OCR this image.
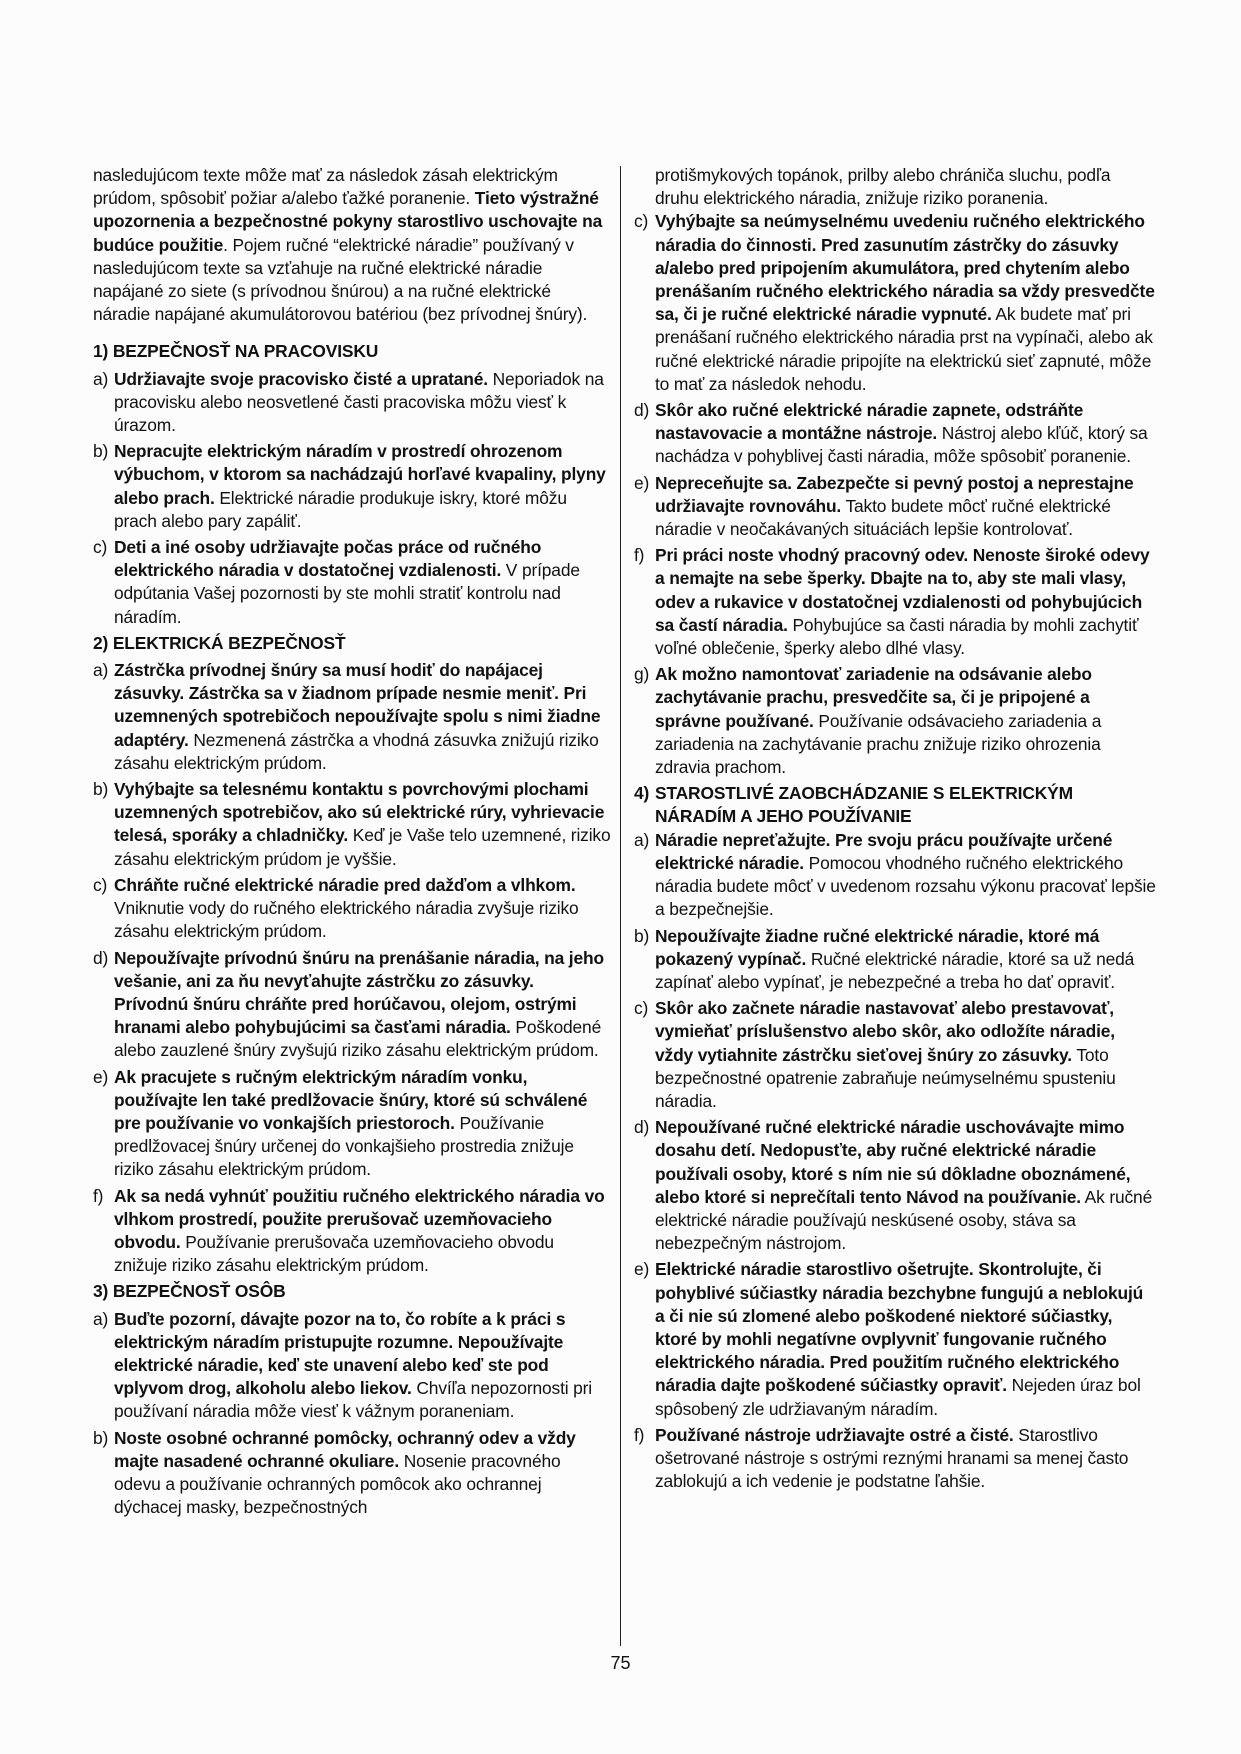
nasledujúcom texte môže mať za následok zásah elektrickým prúdom, spôsobiť požiar a/alebo ťažké poranenie. Tieto výstražné upozornenia a bezpečnostné pokyny starostlivo uschovajte na budúce použitie. Pojem ručné “elektrické náradie” používaný v nasledujúcom texte sa vzťahuje na ručné elektrické náradie napájané zo siete (s prívodnou šnúrou) a na ručné elektrické náradie napájané akumulátorovou batériou (bez prívodnej šnúry).

1) BEZPEČNOSŤ NA PRACOVISKU
a) Udržiavajte svoje pracovisko čisté a upratané. Neporiadok na pracovisku alebo neosvetlené časti pracoviska môžu viesť k úrazom.
b) Nepracujte elektrickým náradím v prostredí ohrozenom výbuchom, v ktorom sa nachádzajú horľavé kvapaliny, plyny alebo prach. Elektrické náradie produkuje iskry, ktoré môžu prach alebo pary zapáliť.
c) Deti a iné osoby udržiavajte počas práce od ručného elektrického náradia v dostatočnej vzdialenosti. V prípade odpútania Vašej pozornosti by ste mohli stratiť kontrolu nad náradím.
2) ELEKTRICKÁ BEZPEČNOSŤ
a) Zástrčka prívodnej šnúry sa musí hodiť do napájacej zásuvky. Zástrčka sa v žiadnom prípade nesmie meniť. Pri uzemnených spotrebičoch nepoužívajte spolu s nimi žiadne adaptéry. Nezmenená zástrčka a vhodná zásuvka znižujú riziko zásahu elektrickým prúdom.
b) Vyhýbajte sa telesnému kontaktu s povrchovými plochami uzemnených spotrebičov, ako sú elektrické rúry, vyhrievacie telesá, sporáky a chladničky. Keď je Vaše telo uzemnené, riziko zásahu elektrickým prúdom je vyššie.
c) Chráňte ručné elektrické náradie pred dažďom a vlhkom. Vniknutie vody do ručného elektrického náradia zvyšuje riziko zásahu elektrickým prúdom.
d) Nepoužívajte prívodnú šnúru na prenášanie náradia, na jeho vešanie, ani za ňu nevyťahujte zástrčku zo zásuvky. Prívodnú šnúru chráňte pred horúčavou, olejom, ostrými hranami alebo pohybujúcimi sa časťami náradia. Poškodené alebo zauzlené šnúry zvyšujú riziko zásahu elektrickým prúdom.
e) Ak pracujete s ručným elektrickým náradím vonku, používajte len také predlžovacie šnúry, ktoré sú schválené pre používanie vo vonkajších priestoroch. Používanie predlžovacej šnúry určenej do vonkajšieho prostredia znižuje riziko zásahu elektrickým prúdom.
f) Ak sa nedá vyhnúť použitiu ručného elektrického náradia vo vlhkom prostredí, použite prerušovač uzemňovacieho obvodu. Používanie prerušovača uzemňovacieho obvodu znižuje riziko zásahu elektrickým prúdom.
3) BEZPEČNOSŤ OSÔB
a) Buďte pozorní, dávajte pozor na to, čo robíte a k práci s elektrickým náradím pristupujte rozumne. Nepoužívajte elektrické náradie, keď ste unavení alebo keď ste pod vplyvom drog, alkoholu alebo liekov. Chvíľa nepozornosti pri používaní náradia môže viesť k vážnym poraneniam.
b) Noste osobné ochranné pomôcky, ochranný odev a vždy majte nasadené ochranné okuliare. Nosenie pracovného odevu a používanie ochranných pomôcok ako ochrannej dýchacej masky, bezpečnostných

protišmykových topánok, prilby alebo chrániča sluchu, podľa druhu elektrického náradia, znižuje riziko poranenia.

c) Vyhýbajte sa neúmyselnému uvedeniu ručného elektrického náradia do činnosti. Pred zasunutím zástrčky do zásuvky a/alebo pred pripojením akumulátora, pred chytením alebo prenášaním ručného elektrického náradia sa vždy presvedčte sa, či je ručné elektrické náradie vypnuté. Ak budete mať pri prenášaní ručného elektrického náradia prst na vypínači, alebo ak ručné elektrické náradie pripojíte na elektrickú sieť zapnuté, môže to mať za následok nehodu.
d) Skôr ako ručné elektrické náradie zapnete, odstráňte nastavovacie a montážne nástroje. Nástroj alebo kľúč, ktorý sa nachádza v pohyblivej časti náradia, môže spôsobiť poranenie.
e) Nepreceňujte sa. Zabezpečte si pevný postoj a neprestajne udržiavajte rovnováhu. Takto budete môcť ručné elektrické náradie v neočakávaných situáciách lepšie kontrolovať.
f) Pri práci noste vhodný pracovný odev. Nenoste široké odevy a nemajte na sebe šperky. Dbajte na to, aby ste mali vlasy, odev a rukavice v dostatočnej vzdialenosti od pohybujúcich sa častí náradia. Pohybujúce sa časti náradia by mohli zachytiť voľné oblečenie, šperky alebo dlhé vlasy.
g) Ak možno namontovať zariadenie na odsávanie alebo zachytávanie prachu, presvedčite sa, či je pripojené a správne používané. Používanie odsávacieho zariadenia a zariadenia na zachytávanie prachu znižuje riziko ohrozenia zdravia prachom.
4) STAROSTLIVÉ ZAOBCHÁDZANIE S ELEKTRICKÝM NÁRADÍM A JEHO POUŽÍVANIE
a) Náradie nepreťažujte. Pre svoju prácu používajte určené elektrické náradie. Pomocou vhodného ručného elektrického náradia budete môcť v uvedenom rozsahu výkonu pracovať lepšie a bezpečnejšie.
b) Nepoužívajte žiadne ručné elektrické náradie, ktoré má pokazený vypínač. Ručné elektrické náradie, ktoré sa už nedá zapínať alebo vypínať, je nebezpečné a treba ho dať opraviť.
c) Skôr ako začnete náradie nastavovať alebo prestavovať, vymieňať príslušenstvo alebo skôr, ako odložíte náradie, vždy vytiahnite zástrčku sieťovej šnúry zo zásuvky. Toto bezpečnostné opatrenie zabraňuje neúmyselnému spusteniu náradia.
d) Nepoužívané ručné elektrické náradie uschovávajte mimo dosahu detí. Nedopusťte, aby ručné elektrické náradie používali osoby, ktoré s ním nie sú dôkladne oboznámené, alebo ktoré si neprečítali tento Návod na používanie. Ak ručné elektrické náradie používajú neskúsené osoby, stáva sa nebezpečným nástrojom.
e) Elektrické náradie starostlivo ošetrujte. Skontrolujte, či pohyblivé súčiastky náradia bezchybne fungujú a neblokujú a či nie sú zlomené alebo poškodené niektoré súčiastky, ktoré by mohli negatívne ovplyvniť fungovanie ručného elektrického náradia. Pred použitím ručného elektrického náradia dajte poškodené súčiastky opraviť. Nejeden úraz bol spôsobený zle udržiavaným náradím.
f) Používané nástroje udržiavajte ostré a čisté. Starostlivo ošetrované nástroje s ostrými reznými hranami sa menej často zablokujú a ich vedenie je podstatne ľahšie.
75
